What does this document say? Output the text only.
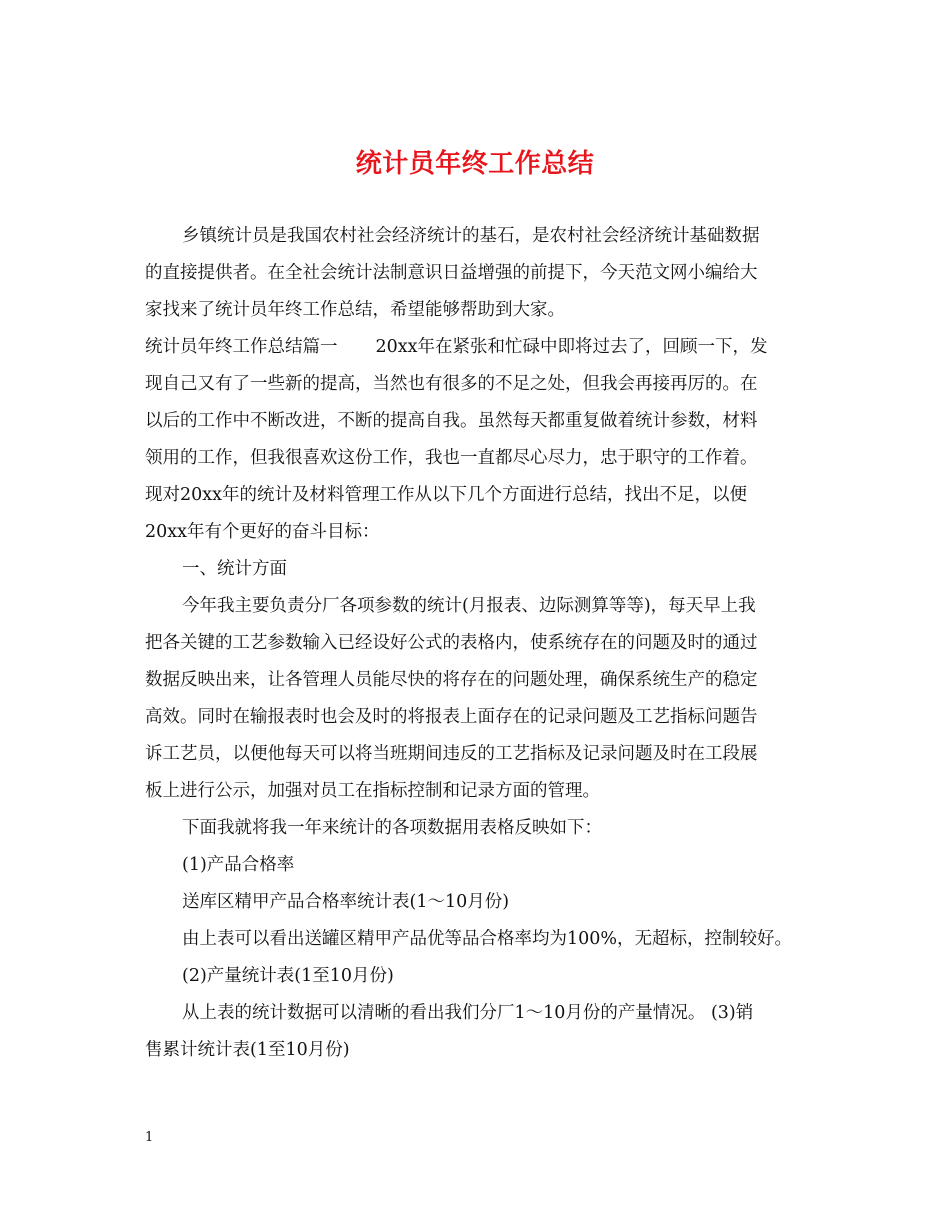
统计员年终工作总结
乡镇统计员是我国农村社会经济统计的基石，是农村社会经济统计基础数据
的直接提供者。在全社会统计法制意识日益增强的前提下，今天范文网小编给大
家找来了统计员年终工作总结，希望能够帮助到大家。
统计员年终工作总结篇一 20xx年在紧张和忙碌中即将过去了，回顾一下，发
现自己又有了一些新的提高，当然也有很多的不足之处，但我会再接再厉的。在
以后的工作中不断改进，不断的提高自我。虽然每天都重复做着统计参数，材料
领用的工作，但我很喜欢这份工作，我也一直都尽心尽力，忠于职守的工作着。
现对20xx年的统计及材料管理工作从以下几个方面进行总结，找出不足，以便
20xx年有个更好的奋斗目标：
一、统计方面
今年我主要负责分厂各项参数的统计(月报表、边际测算等等)，每天早上我
把各关键的工艺参数输入已经设好公式的表格内，使系统存在的问题及时的通过
数据反映出来，让各管理人员能尽快的将存在的问题处理，确保系统生产的稳定
高效。同时在输报表时也会及时的将报表上面存在的记录问题及工艺指标问题告
诉工艺员，以便他每天可以将当班期间违反的工艺指标及记录问题及时在工段展
板上进行公示，加强对员工在指标控制和记录方面的管理。
下面我就将我一年来统计的各项数据用表格反映如下：
(1)产品合格率
送库区精甲产品合格率统计表(1～10月份)
由上表可以看出送罐区精甲产品优等品合格率均为100%，无超标，控制较好。
(2)产量统计表(1至10月份)
从上表的统计数据可以清晰的看出我们分厂1～10月份的产量情况。 (3)销
售累计统计表(1至10月份)
1
